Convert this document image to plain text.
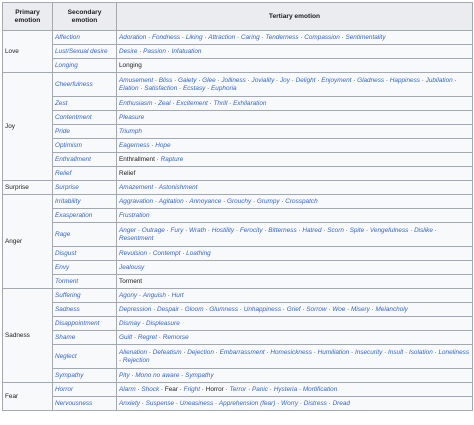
Primary emotion	Secondary emotion	Tertiary emotion
Love	Affection	Adoration · Fondness · Liking · Attraction · Caring · Tenderness · Compassion · Sentimentality
	Lust/Sexual desire	Desire · Passion · Infatuation
	Longing	Longing
Joy	Cheerfulness	Amusement · Bliss · Gaiety · Glee · Jolliness · Joviality · Joy · Delight · Enjoyment · Gladness · Happiness · Jubilation · Elation · Satisfaction · Ecstasy · Euphoria
	Zest	Enthusiasm · Zeal · Excitement · Thrill · Exhilaration
	Contentment	Pleasure
	Pride	Triumph
	Optimism	Eagerness · Hope
	Enthrallment	Enthrallment · Rapture
	Relief	Relief
Surprise	Surprise	Amazement · Astonishment
Anger	Irritability	Aggravation · Agitation · Annoyance · Grouchy · Grumpy · Crosspatch
	Exasperation	Frustration
	Rage	Anger · Outrage · Fury · Wrath · Hostility · Ferocity · Bitterness · Hatred · Scorn · Spite · Vengefulness · Dislike · Resentment
	Disgust	Revulsion · Contempt · Loathing
	Envy	Jealousy
	Torment	Torment
Sadness	Suffering	Agony · Anguish · Hurt
	Sadness	Depression · Despair · Gloom · Glumness · Unhappiness · Grief · Sorrow · Woe · Misery · Melancholy
	Disappointment	Dismay · Displeasure
	Shame	Guilt · Regret · Remorse
	Neglect	Alienation · Defeatism · Dejection · Embarrassment · Homesickness · Humiliation · Insecurity · Insult · Isolation · Loneliness · Rejection
	Sympathy	Pity · Mono no aware · Sympathy
Fear	Horror	Alarm · Shock · Fear · Fright · Horror · Terror · Panic · Hysteria · Mortification
	Nervousness	Anxiety · Suspense · Uneasiness · Apprehension (fear) · Worry · Distress · Dread
